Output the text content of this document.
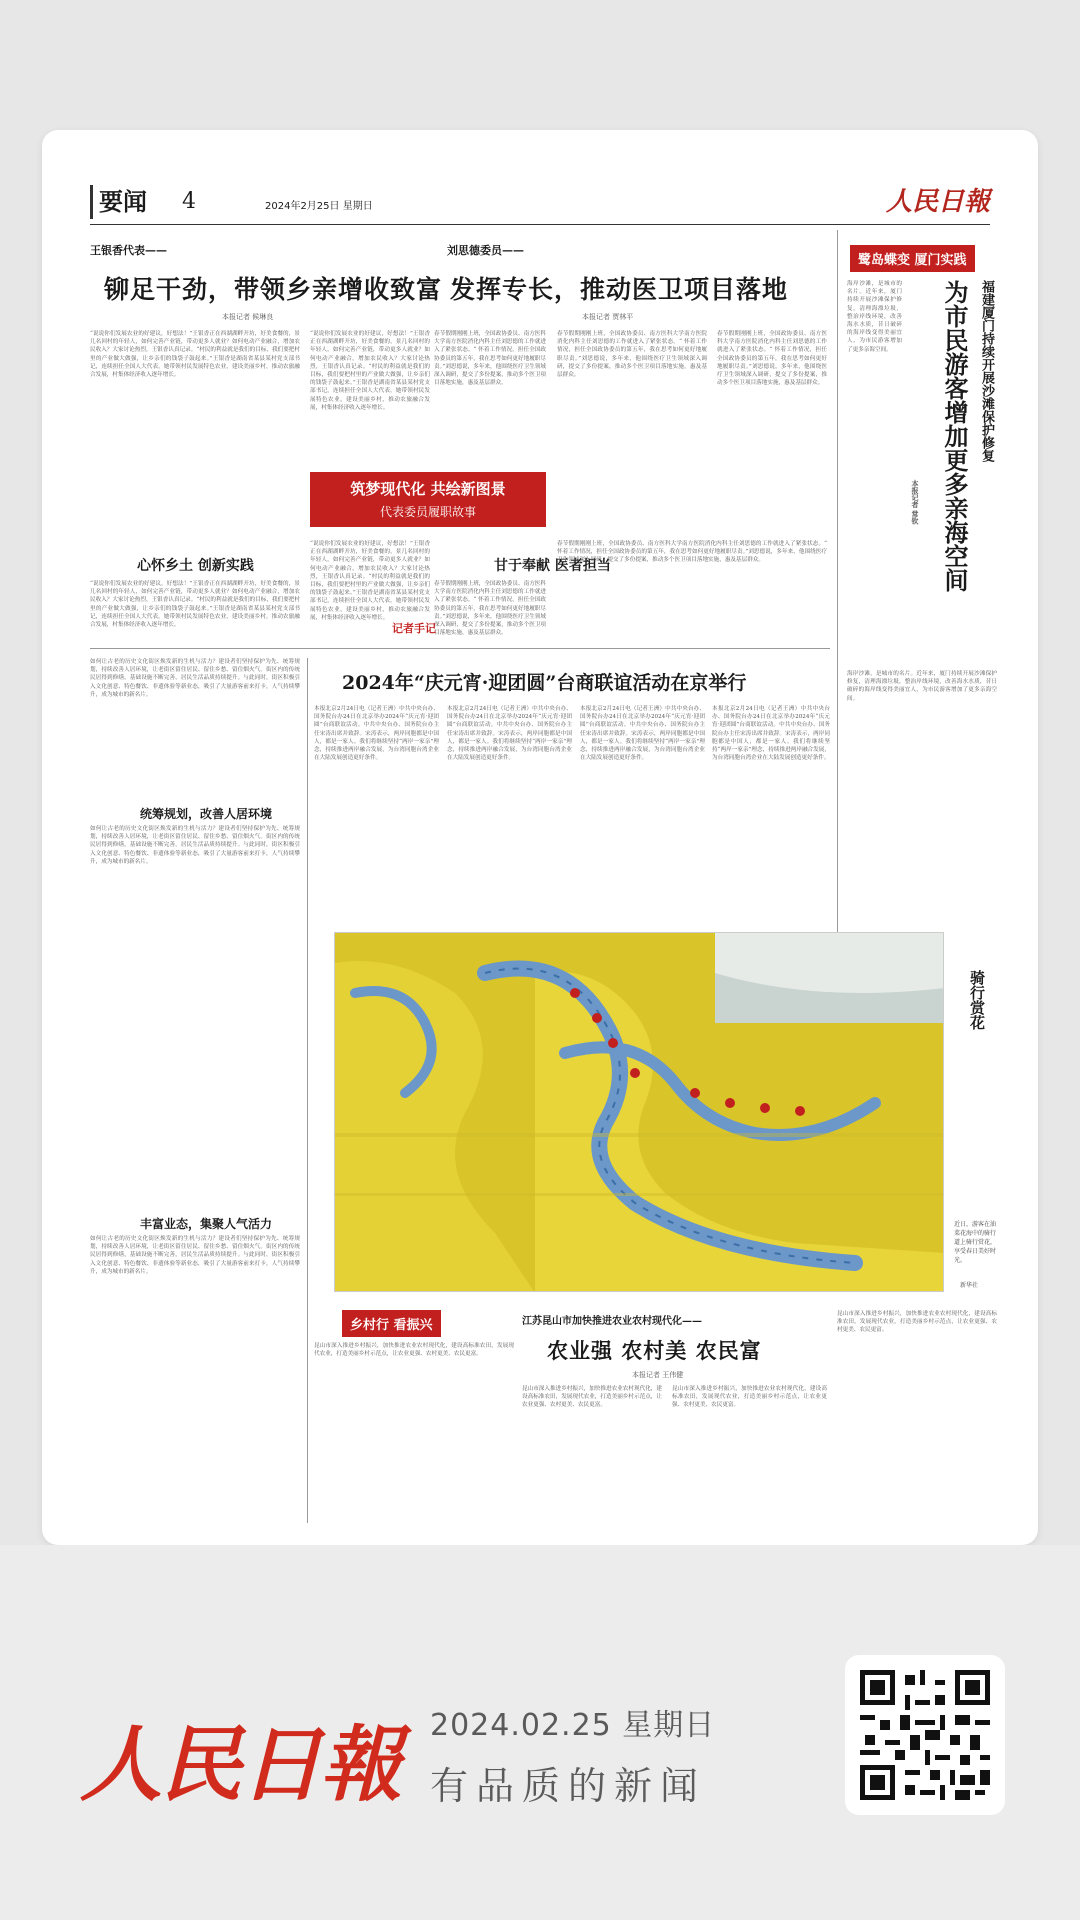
要闻 4	2024年2月25日 星期日	人民日報
王银香代表——
铆足干劲，带领乡亲增收致富
本报记者 候琳良
“说说你们发展农业的好建议，好想法！”王银香正在西湖湖畔开坊，好美食餐的，景几名回村的年轻人，如何完善产业链，带动更多人就业？如何电动产业融合，增加农民收入？大家讨论热烈，王银香认真记录。“村民的利益就是我们的目标，我们要把村里的产业做大做强，让乡亲们的钱袋子鼓起来。”王银香是湖南省某县某村党支部书记，连续担任全国人大代表。她带领村民发展特色农业，建设美丽乡村，推动农旅融合发展，村集体经济收入逐年增长。
“说说你们发展农业的好建议，好想法！”王银香正在西湖湖畔开坊，好美食餐的，景几名回村的年轻人，如何完善产业链，带动更多人就业？如何电动产业融合，增加农民收入？大家讨论热烈，王银香认真记录。“村民的利益就是我们的目标，我们要把村里的产业做大做强，让乡亲们的钱袋子鼓起来。”王银香是湖南省某县某村党支部书记，连续担任全国人大代表。她带领村民发展特色农业，建设美丽乡村，推动农旅融合发展，村集体经济收入逐年增长。
刘思德委员——
发挥专长，推动医卫项目落地
本报记者 贾林平
春节假期刚刚上班，全国政协委员、南方医科大学南方医院消化内科主任刘思德的工作就进入了紧张状态。“ 怀着工作情况，担任全国政协委员的第五年，我在思考如何更好地履职尽责。”刘思德说，多年来，他围绕医疗卫生领域深入调研，提交了多份提案，推动多个医卫项目落地实施，惠及基层群众。
春节假期刚刚上班，全国政协委员、南方医科大学南方医院消化内科主任刘思德的工作就进入了紧张状态。“ 怀着工作情况，担任全国政协委员的第五年，我在思考如何更好地履职尽责。”刘思德说，多年来，他围绕医疗卫生领域深入调研，提交了多份提案，推动多个医卫项目落地实施，惠及基层群众。
春节假期刚刚上班，全国政协委员、南方医科大学南方医院消化内科主任刘思德的工作就进入了紧张状态。“ 怀着工作情况，担任全国政协委员的第五年，我在思考如何更好地履职尽责。”刘思德说，多年来，他围绕医疗卫生领域深入调研，提交了多份提案，推动多个医卫项目落地实施，惠及基层群众。
筑梦现代化 共绘新图景
代表委员履职故事
心怀乡土 创新实践
“说说你们发展农业的好建议，好想法！”王银香正在西湖湖畔开坊，好美食餐的，景几名回村的年轻人，如何完善产业链，带动更多人就业？如何电动产业融合，增加农民收入？大家讨论热烈，王银香认真记录。“村民的利益就是我们的目标，我们要把村里的产业做大做强，让乡亲们的钱袋子鼓起来。”王银香是湖南省某县某村党支部书记，连续担任全国人大代表。她带领村民发展特色农业，建设美丽乡村，推动农旅融合发展，村集体经济收入逐年增长。
“说说你们发展农业的好建议，好想法！”王银香正在西湖湖畔开坊，好美食餐的，景几名回村的年轻人，如何完善产业链，带动更多人就业？如何电动产业融合，增加农民收入？大家讨论热烈，王银香认真记录。“村民的利益就是我们的目标，我们要把村里的产业做大做强，让乡亲们的钱袋子鼓起来。”王银香是湖南省某县某村党支部书记，连续担任全国人大代表。她带领村民发展特色农业，建设美丽乡村，推动农旅融合发展，村集体经济收入逐年增长。
甘于奉献 医者担当
春节假期刚刚上班，全国政协委员、南方医科大学南方医院消化内科主任刘思德的工作就进入了紧张状态。“ 怀着工作情况，担任全国政协委员的第五年，我在思考如何更好地履职尽责。”刘思德说，多年来，他围绕医疗卫生领域深入调研，提交了多份提案，推动多个医卫项目落地实施，惠及基层群众。
春节假期刚刚上班，全国政协委员、南方医科大学南方医院消化内科主任刘思德的工作就进入了紧张状态。“ 怀着工作情况，担任全国政协委员的第五年，我在思考如何更好地履职尽责。”刘思德说，多年来，他围绕医疗卫生领域深入调研，提交了多份提案，推动多个医卫项目落地实施，惠及基层群众。
记者手记
鹭岛蝶变 厦门实践
福建厦门持续开展沙滩保护修复
为市民游客增加更多亲海空间
本报记者 常钦
海岸沙滩，是城市的名片。近年来，厦门持续开展沙滩保护修复，清理海漂垃圾，整治岸线环境，改善海水水质，昔日破碎的海岸线变得美丽宜人，为市民游客增加了更多亲海空间。
海岸沙滩，是城市的名片。近年来，厦门持续开展沙滩保护修复，清理海漂垃圾，整治岸线环境，改善海水水质，昔日破碎的海岸线变得美丽宜人，为市民游客增加了更多亲海空间。
如何让古老的历史文化街区焕发新的生机与活力？建设者们坚持保护为先、统筹规划，持续改善人居环境，让老街区留住居民、留住乡愁、留住烟火气。街区内的传统民居得到修缮，基础设施不断完善，居民生活品质持续提升。与此同时，街区积极引入文化创意、特色餐饮、非遗体验等新业态，吸引了大量游客前来打卡，人气持续攀升，成为城市的新名片。
统筹规划，改善人居环境
如何让古老的历史文化街区焕发新的生机与活力？建设者们坚持保护为先、统筹规划，持续改善人居环境，让老街区留住居民、留住乡愁、留住烟火气。街区内的传统民居得到修缮，基础设施不断完善，居民生活品质持续提升。与此同时，街区积极引入文化创意、特色餐饮、非遗体验等新业态，吸引了大量游客前来打卡，人气持续攀升，成为城市的新名片。
丰富业态，集聚人气活力
如何让古老的历史文化街区焕发新的生机与活力？建设者们坚持保护为先、统筹规划，持续改善人居环境，让老街区留住居民、留住乡愁、留住烟火气。街区内的传统民居得到修缮，基础设施不断完善，居民生活品质持续提升。与此同时，街区积极引入文化创意、特色餐饮、非遗体验等新业态，吸引了大量游客前来打卡，人气持续攀升，成为城市的新名片。
2024年“庆元宵·迎团圆”台商联谊活动在京举行
本报北京2月24日电（记者王洲）中共中央台办、国务院台办24日在北京举办2024年“庆元宵·迎团圆”台商联谊活动。中共中央台办、国务院台办主任宋涛出席并致辞。宋涛表示，两岸同胞都是中国人，都是一家人。我们将继续坚持“两岸一家亲”理念，持续推进两岸融合发展，为台湾同胞台湾企业在大陆发展创造更好条件。
本报北京2月24日电（记者王洲）中共中央台办、国务院台办24日在北京举办2024年“庆元宵·迎团圆”台商联谊活动。中共中央台办、国务院台办主任宋涛出席并致辞。宋涛表示，两岸同胞都是中国人，都是一家人。我们将继续坚持“两岸一家亲”理念，持续推进两岸融合发展，为台湾同胞台湾企业在大陆发展创造更好条件。
本报北京2月24日电（记者王洲）中共中央台办、国务院台办24日在北京举办2024年“庆元宵·迎团圆”台商联谊活动。中共中央台办、国务院台办主任宋涛出席并致辞。宋涛表示，两岸同胞都是中国人，都是一家人。我们将继续坚持“两岸一家亲”理念，持续推进两岸融合发展，为台湾同胞台湾企业在大陆发展创造更好条件。
本报北京2月24日电（记者王洲）中共中央台办、国务院台办24日在北京举办2024年“庆元宵·迎团圆”台商联谊活动。中共中央台办、国务院台办主任宋涛出席并致辞。宋涛表示，两岸同胞都是中国人，都是一家人。我们将继续坚持“两岸一家亲”理念，持续推进两岸融合发展，为台湾同胞台湾企业在大陆发展创造更好条件。
骑行赏花
近日，游客在油菜花海中的骑行道上骑行赏花，享受春日美好时光。
新华社
乡村行 看振兴
昆山市深入推进乡村振兴，加快推进农业农村现代化，建设高标准农田，发展现代农业，打造美丽乡村示范点，让农业更强、农村更美、农民更富。
江苏昆山市加快推进农业农村现代化——
农业强 农村美 农民富
本报记者 王伟健
昆山市深入推进乡村振兴，加快推进农业农村现代化，建设高标准农田，发展现代农业，打造美丽乡村示范点，让农业更强、农村更美、农民更富。
昆山市深入推进乡村振兴，加快推进农业农村现代化，建设高标准农田，发展现代农业，打造美丽乡村示范点，让农业更强、农村更美、农民更富。
昆山市深入推进乡村振兴，加快推进农业农村现代化，建设高标准农田，发展现代农业，打造美丽乡村示范点，让农业更强、农村更美、农民更富。
人民日報 2024.02.25 星期日
有品质的新闻
